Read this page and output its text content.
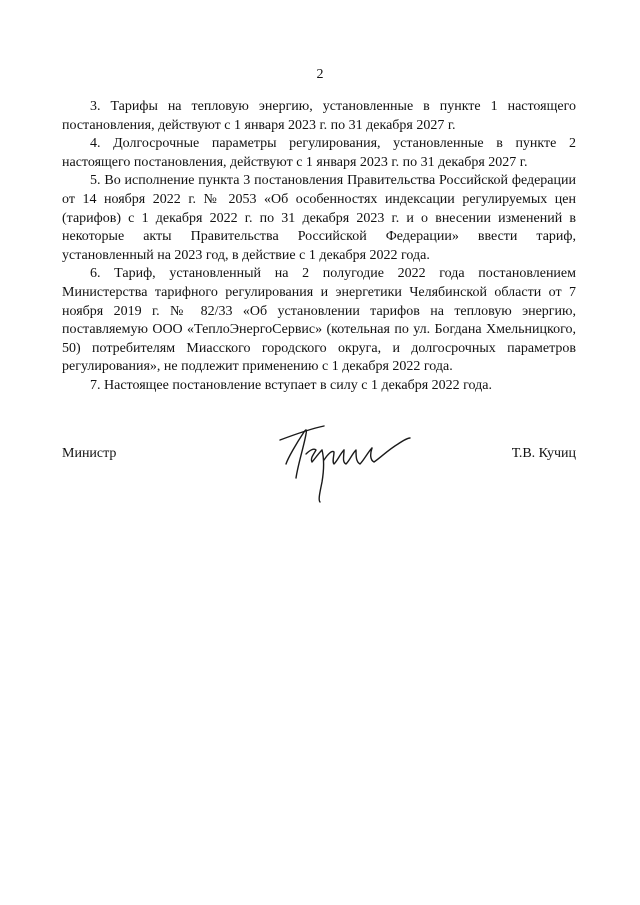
2

3. Тарифы на тепловую энергию, установленные в пункте 1 настоящего постановления, действуют с 1 января 2023 г. по 31 декабря 2027 г.

4. Долгосрочные параметры регулирования, установленные в пункте 2 настоящего постановления, действуют с 1 января 2023 г. по 31 декабря 2027 г.

5. Во исполнение пункта 3 постановления Правительства Российской федерации от 14 ноября 2022 г. № 2053 «Об особенностях индексации регулируемых цен (тарифов) с 1 декабря 2022 г. по 31 декабря 2023 г. и о внесении изменений в некоторые акты Правительства Российской Федерации» ввести тариф, установленный на 2023 год, в действие с 1 декабря 2022 года.

6. Тариф, установленный на 2 полугодие 2022 года постановлением Министерства тарифного регулирования и энергетики Челябинской области от 7 ноября 2019 г. № 82/33 «Об установлении тарифов на тепловую энергию, поставляемую ООО «ТеплоЭнергоСервис» (котельная по ул. Богдана Хмельницкого, 50) потребителям Миасского городского округа, и долгосрочных параметров регулирования», не подлежит применению с 1 декабря 2022 года.

7. Настоящее постановление вступает в силу с 1 декабря 2022 года.

Министр	Т.В. Кучиц
